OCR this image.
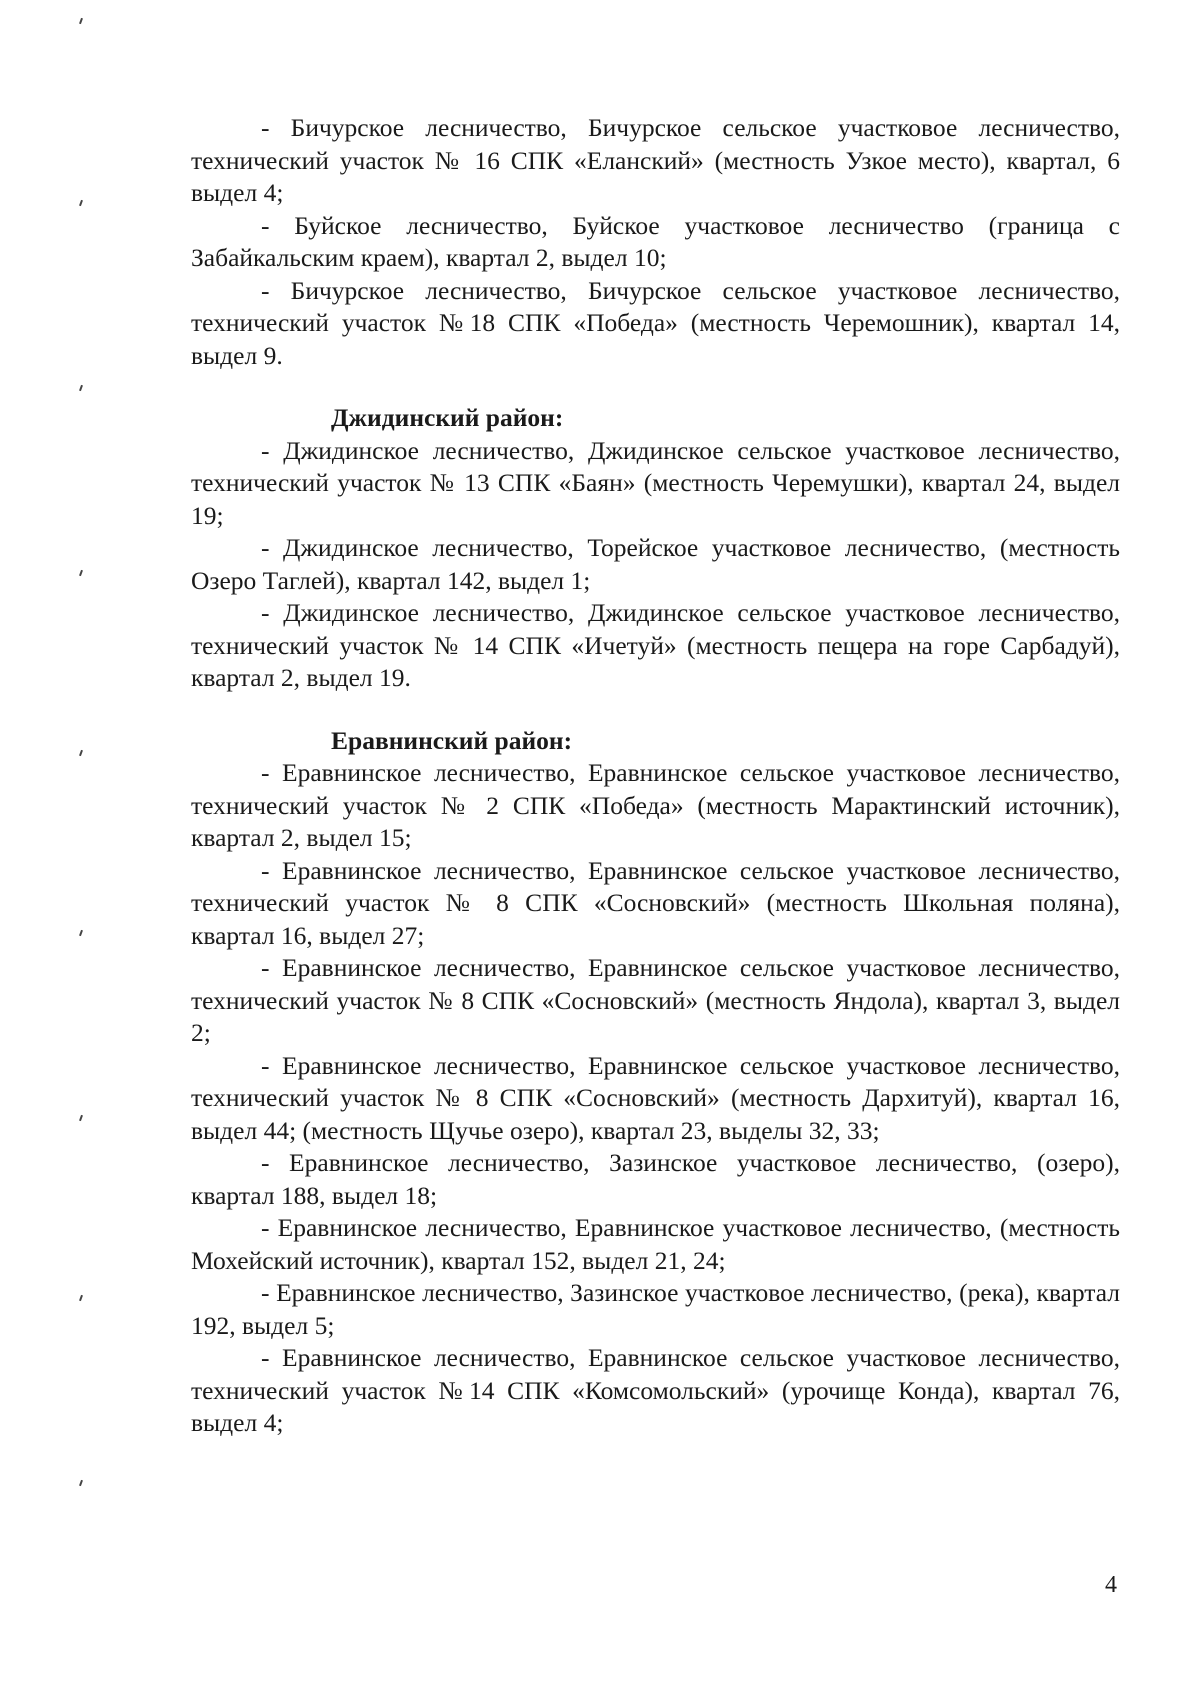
- Бичурское лесничество, Бичурское сельское участковое лесничество, технический участок № 16 СПК «Еланский» (местность Узкое место), квартал, 6 выдел 4;

- Буйское лесничество, Буйское участковое лесничество (граница с Забайкальским краем), квартал 2, выдел 10;

- Бичурское лесничество, Бичурское сельское участковое лесничество, технический участок №18 СПК «Победа» (местность Черемошник), квартал 14, выдел 9.

Джидинский район:

- Джидинское лесничество, Джидинское сельское участковое лесничество, технический участок № 13 СПК «Баян» (местность Черемушки), квартал 24, выдел 19;

- Джидинское лесничество, Торейское участковое лесничество, (местность Озеро Таглей), квартал 142, выдел 1;

- Джидинское лесничество, Джидинское сельское участковое лесничество, технический участок № 14 СПК «Ичетуй» (местность пещера на горе Сарбадуй), квартал 2, выдел 19.

Еравнинский район:

- Еравнинское лесничество, Еравнинское сельское участковое лесничество, технический участок № 2 СПК «Победа» (местность Марактинский источник), квартал 2, выдел 15;

- Еравнинское лесничество, Еравнинское сельское участковое лесничество, технический участок № 8 СПК «Сосновский» (местность Школьная поляна), квартал 16, выдел 27;

- Еравнинское лесничество, Еравнинское сельское участковое лесничество, технический участок № 8 СПК «Сосновский» (местность Яндола), квартал 3, выдел 2;

- Еравнинское лесничество, Еравнинское сельское участковое лесничество, технический участок № 8 СПК «Сосновский» (местность Дархитуй), квартал 16, выдел 44; (местность Щучье озеро), квартал 23, выделы 32, 33;

- Еравнинское лесничество, Зазинское участковое лесничество, (озеро), квартал 188, выдел 18;

- Еравнинское лесничество, Еравнинское участковое лесничество, (местность Мохейский источник), квартал 152, выдел 21, 24;

- Еравнинское лесничество, Зазинское участковое лесничество, (река), квартал 192, выдел 5;

- Еравнинское лесничество, Еравнинское сельское участковое лесничество, технический участок №14 СПК «Комсомольский» (урочище Конда), квартал 76, выдел 4;

4
